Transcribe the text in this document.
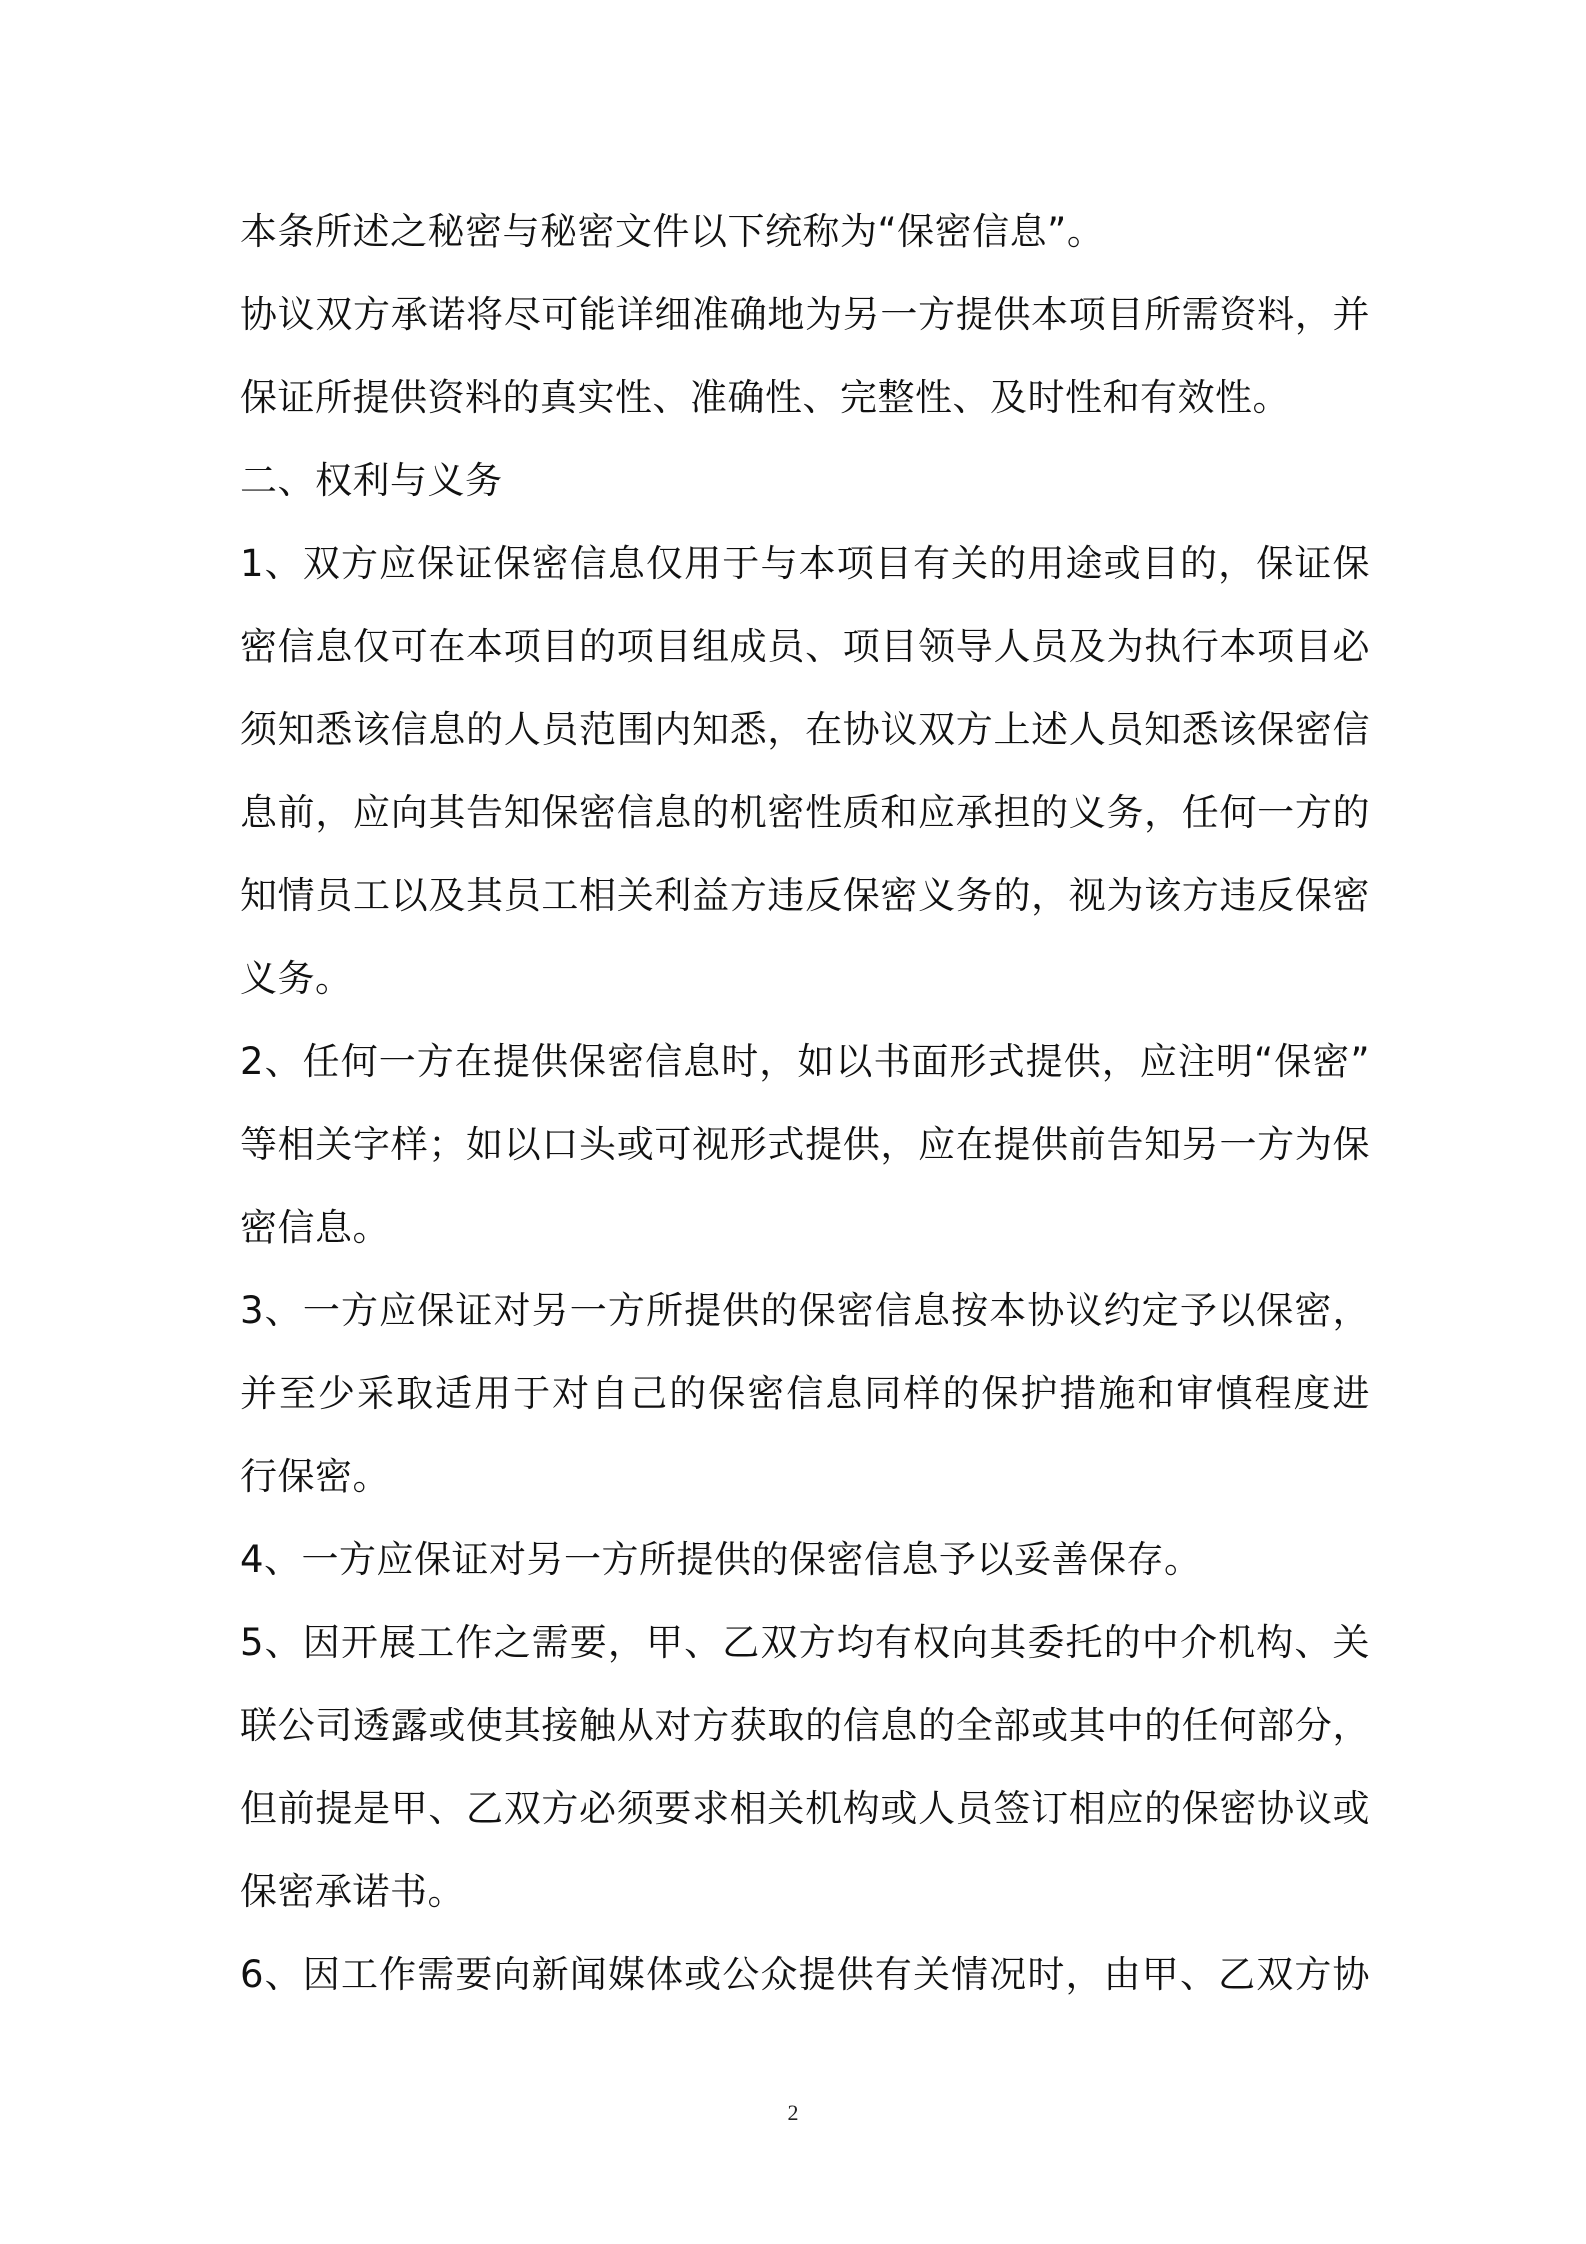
本条所述之秘密与秘密文件以下统称为“保密信息”。
协议双方承诺将尽可能详细准确地为另一方提供本项目所需资料，并
保证所提供资料的真实性、准确性、完整性、及时性和有效性。
二、权利与义务
1、双方应保证保密信息仅用于与本项目有关的用途或目的，保证保
密信息仅可在本项目的项目组成员、项目领导人员及为执行本项目必
须知悉该信息的人员范围内知悉，在协议双方上述人员知悉该保密信
息前，应向其告知保密信息的机密性质和应承担的义务，任何一方的
知情员工以及其员工相关利益方违反保密义务的，视为该方违反保密
义务。
2、任何一方在提供保密信息时，如以书面形式提供，应注明“保密”
等相关字样；如以口头或可视形式提供，应在提供前告知另一方为保
密信息。
3、一方应保证对另一方所提供的保密信息按本协议约定予以保密，
并至少采取适用于对自己的保密信息同样的保护措施和审慎程度进
行保密。
4、一方应保证对另一方所提供的保密信息予以妥善保存。
5、因开展工作之需要，甲、乙双方均有权向其委托的中介机构、关
联公司透露或使其接触从对方获取的信息的全部或其中的任何部分，
但前提是甲、乙双方必须要求相关机构或人员签订相应的保密协议或
保密承诺书。
6、因工作需要向新闻媒体或公众提供有关情况时，由甲、乙双方协
2
